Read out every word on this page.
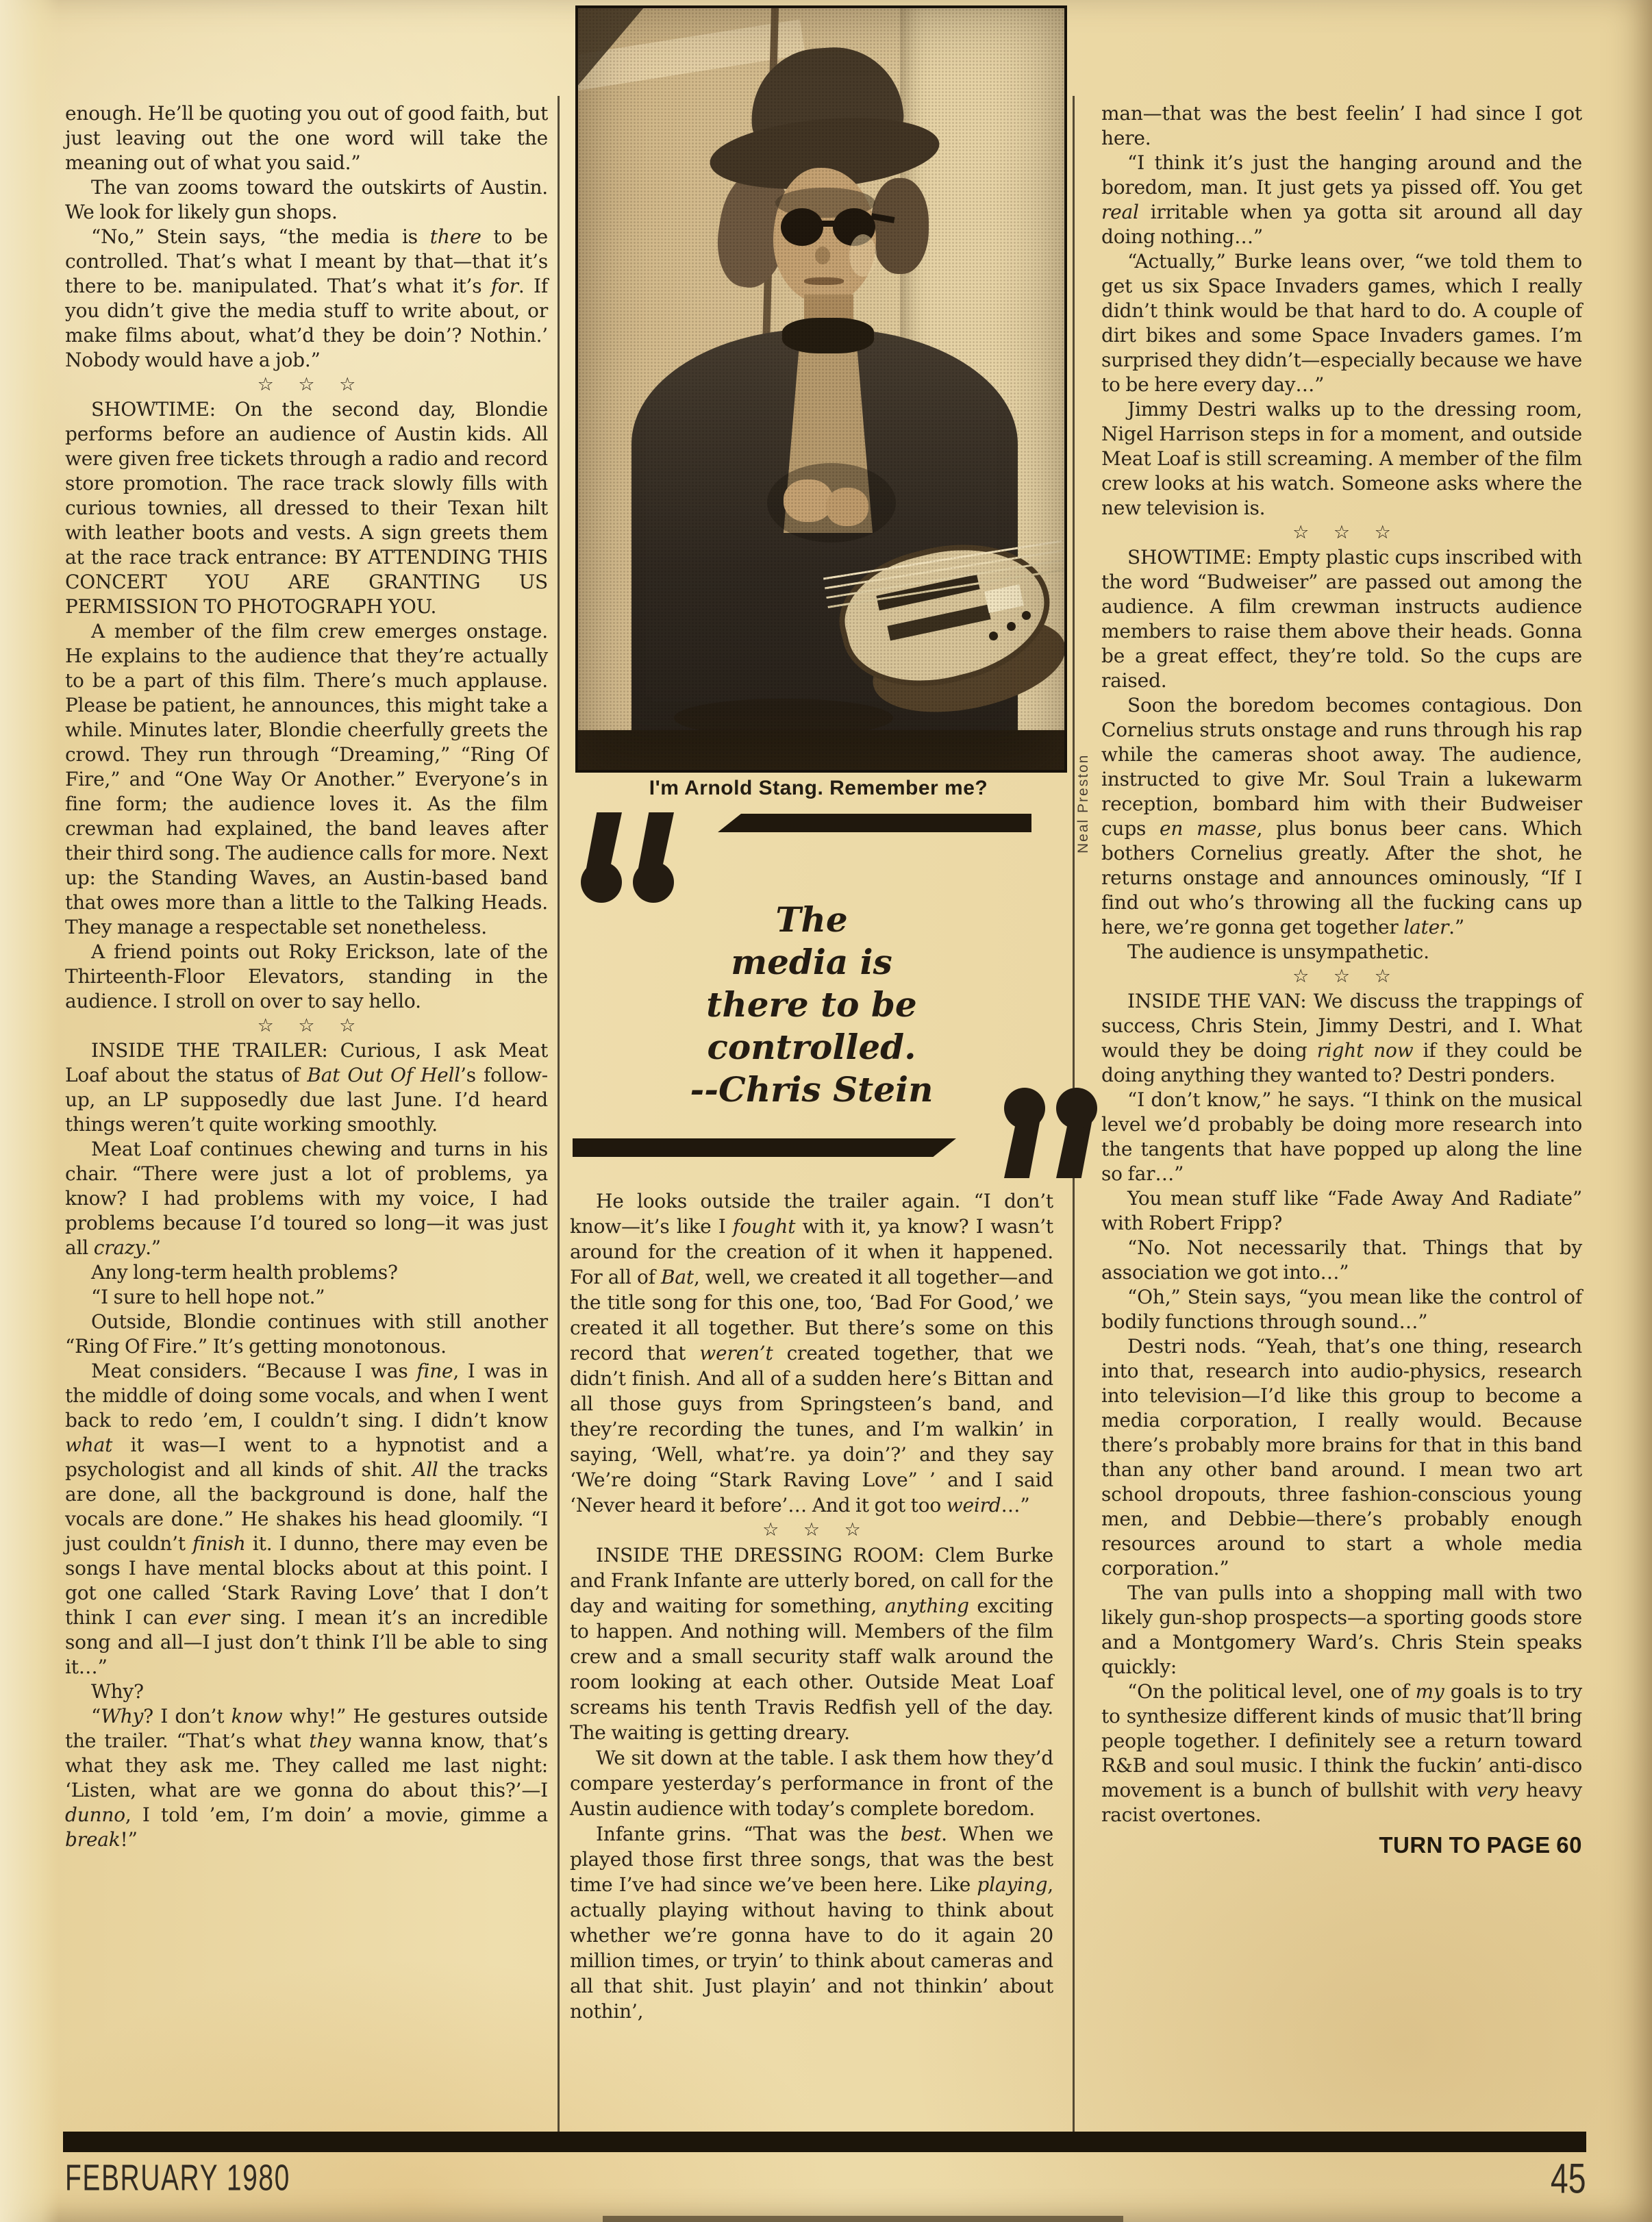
I'm Arnold Stang. Remember me?	Neal Preston
The
media is
there to be
controlled.
--Chris Stein

enough. He’ll be quoting you out of good faith, but just leaving out the one word will take the meaning out of what you said.”

The van zooms toward the outskirts of Austin. We look for likely gun shops.

“No,” Stein says, “the media is there to be controlled. That’s what I meant by that—that it’s there to be. manipulated. That’s what it’s for. If you didn’t give the media stuff to write about, or make films about, what’d they be doin’? Nothin.’ Nobody would have a job.”

☆ ☆ ☆

SHOWTIME: On the second day, Blondie performs before an audience of Austin kids. All were given free tickets through a radio and record store promotion. The race track slowly fills with curious townies, all dressed to their Texan hilt with leather boots and vests. A sign greets them at the race track entrance: BY ATTENDING THIS CONCERT YOU ARE GRANTING US PERMISSION TO PHOTOGRAPH YOU.

A member of the film crew emerges onstage. He explains to the audience that they’re actually to be a part of this film. There’s much applause. Please be patient, he announces, this might take a while. Minutes later, Blondie cheerfully greets the crowd. They run through “Dreaming,” “Ring Of Fire,” and “One Way Or Another.” Everyone’s in fine form; the audience loves it. As the film crewman had explained, the band leaves after their third song. The audience calls for more. Next up: the Standing Waves, an Austin-based band that owes more than a little to the Talking Heads. They manage a respectable set nonetheless.

A friend points out Roky Erickson, late of the Thirteenth-Floor Elevators, standing in the audience. I stroll on over to say hello.

☆ ☆ ☆

INSIDE THE TRAILER: Curious, I ask Meat Loaf about the status of Bat Out Of Hell’s follow-up, an LP supposedly due last June. I’d heard things weren’t quite working smoothly.

Meat Loaf continues chewing and turns in his chair. “There were just a lot of problems, ya know? I had problems with my voice, I had problems because I’d toured so long—it was just all crazy.”

Any long-term health problems?

“I sure to hell hope not.”

Outside, Blondie continues with still another “Ring Of Fire.” It’s getting monotonous.

Meat considers. “Because I was fine, I was in the middle of doing some vocals, and when I went back to redo ’em, I couldn’t sing. I didn’t know what it was—I went to a hypnotist and a psychologist and all kinds of shit. All the tracks are done, all the background is done, half the vocals are done.” He shakes his head gloomily. “I just couldn’t finish it. I dunno, there may even be songs I have mental blocks about at this point. I got one called ‘Stark Raving Love’ that I don’t think I can ever sing. I mean it’s an incredible song and all—I just don’t think I’ll be able to sing it…”

Why?

“Why? I don’t know why!” He gestures outside the trailer. “That’s what they wanna know, that’s what they ask me. They called me last night: ‘Listen, what are we gonna do about this?’—I dunno, I told ’em, I’m doin’ a movie, gimme a break!”

He looks outside the trailer again. “I don’t know—it’s like I fought with it, ya know? I wasn’t around for the creation of it when it happened. For all of Bat, well, we created it all together—and the title song for this one, too, ‘Bad For Good,’ we created it all together. But there’s some on this record that weren’t created together, that we didn’t finish. And all of a sudden here’s Bittan and all those guys from Springsteen’s band, and they’re recording the tunes, and I’m walkin’ in saying, ‘Well, what’re. ya doin’?’ and they say ‘We’re doing “Stark Raving Love” ’ and I said ‘Never heard it before’… And it got too weird…”

☆ ☆ ☆

INSIDE THE DRESSING ROOM: Clem Burke and Frank Infante are utterly bored, on call for the day and waiting for something, anything exciting to happen. And nothing will. Members of the film crew and a small security staff walk around the room looking at each other. Outside Meat Loaf screams his tenth Travis Redfish yell of the day. The waiting is getting dreary.

We sit down at the table. I ask them how they’d compare yesterday’s performance in front of the Austin audience with today’s complete boredom.

Infante grins. “That was the best. When we played those first three songs, that was the best time I’ve had since we’ve been here. Like playing, actually playing without having to think about whether we’re gonna have to do it again 20 million times, or tryin’ to think about cameras and all that shit. Just playin’ and not thinkin’ about nothin’,

man—that was the best feelin’ I had since I got here.

“I think it’s just the hanging around and the boredom, man. It just gets ya pissed off. You get real irritable when ya gotta sit around all day doing nothing…”

“Actually,” Burke leans over, “we told them to get us six Space Invaders games, which I really didn’t think would be that hard to do. A couple of dirt bikes and some Space Invaders games. I’m surprised they didn’t—especially because we have to be here every day…”

Jimmy Destri walks up to the dressing room, Nigel Harrison steps in for a moment, and outside Meat Loaf is still screaming. A member of the film crew looks at his watch. Someone asks where the new television is.

☆ ☆ ☆

SHOWTIME: Empty plastic cups inscribed with the word “Budweiser” are passed out among the audience. A film crewman instructs audience members to raise them above their heads. Gonna be a great effect, they’re told. So the cups are raised.

Soon the boredom becomes contagious. Don Cornelius struts onstage and runs through his rap while the cameras shoot away. The audience, instructed to give Mr. Soul Train a lukewarm reception, bombard him with their Budweiser cups en masse, plus bonus beer cans. Which bothers Cornelius greatly. After the shot, he returns onstage and announces ominously, “If I find out who’s throwing all the fucking cans up here, we’re gonna get together later.”

The audience is unsympathetic.

☆ ☆ ☆

INSIDE THE VAN: We discuss the trappings of success, Chris Stein, Jimmy Destri, and I. What would they be doing right now if they could be doing anything they wanted to? Destri ponders.

“I don’t know,” he says. “I think on the musical level we’d probably be doing more research into the tangents that have popped up along the line so far…”

You mean stuff like “Fade Away And Radiate” with Robert Fripp?

“No. Not necessarily that. Things that by association we got into…”

“Oh,” Stein says, “you mean like the control of bodily functions through sound…”

Destri nods. “Yeah, that’s one thing, research into that, research into audio-physics, research into television—I’d like this group to become a media corporation, I really would. Because there’s probably more brains for that in this band than any other band around. I mean two art school dropouts, three fashion-conscious young men, and Debbie—there’s probably enough resources around to start a whole media corporation.”

The van pulls into a shopping mall with two likely gun-shop prospects—a sporting goods store and a Montgomery Ward’s. Chris Stein speaks quickly:

“On the political level, one of my goals is to try to synthesize different kinds of music that’ll bring people together. I definitely see a return toward R&B and soul music. I think the fuckin’ anti-disco movement is a bunch of bullshit with very heavy racist overtones.

TURN TO PAGE 60
FEBRUARY 1980	45
